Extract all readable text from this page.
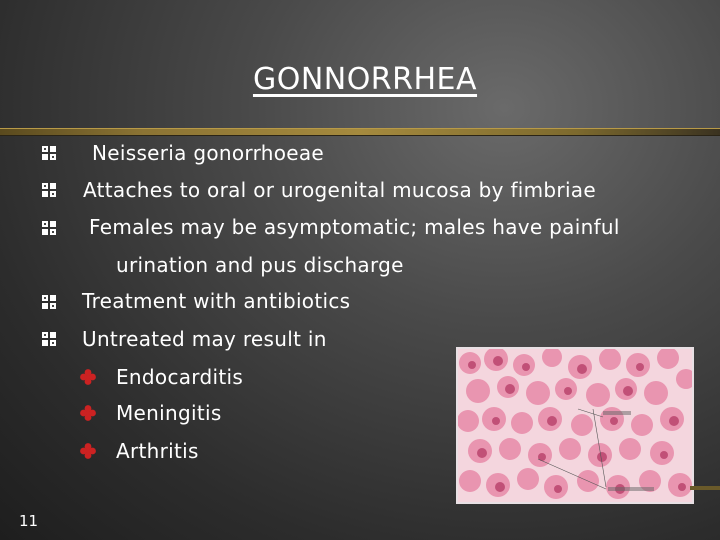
GONNORRHEA
Neisseria gonorrhoeae
Attaches to oral or urogenital mucosa by fimbriae
Females may be asymptomatic; males have painful
urination and pus discharge
Treatment with antibiotics
Untreated may result in
Endocarditis
Meningitis
Arthritis
11
